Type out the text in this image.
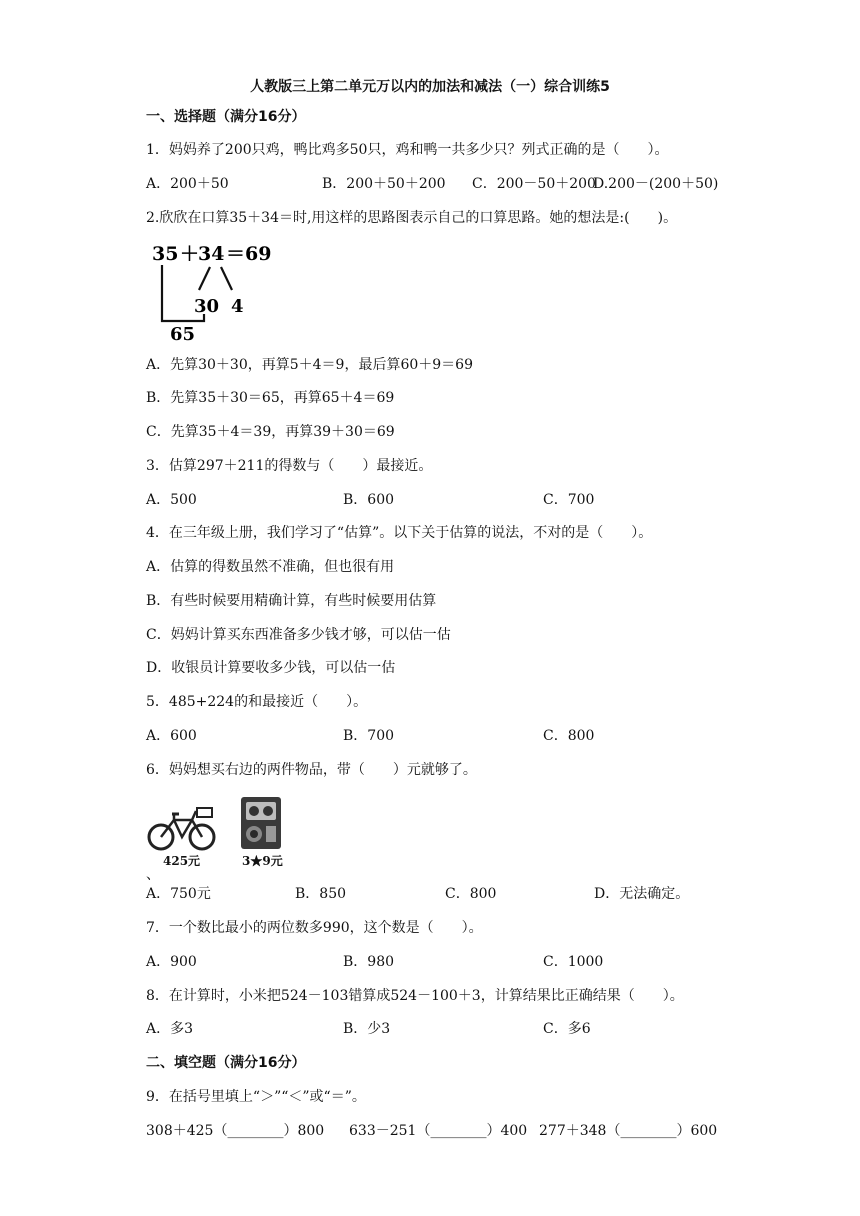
人教版三上第二单元万以内的加法和减法（一）综合训练5
一、选择题（满分16分）
1．妈妈养了200只鸡，鸭比鸡多50只，鸡和鸭一共多少只？列式正确的是（　　）。
A．200＋50	B．200＋50＋200 C．200－50＋200
D.200－(200＋50)
2.欣欣在口算35＋34＝时,用这样的思路图表示自己的口算思路。她的想法是:(　　)。
35 ＋
34 ＝69
30 4
65
A．先算30＋30，再算5＋4＝9，最后算60＋9＝69
B．先算35＋30＝65，再算65＋4＝69
C．先算35＋4＝39，再算39＋30＝69
3．估算297＋211的得数与（　　）最接近。
A．500	B．600	C．700
4．在三年级上册，我们学习了“估算”。以下关于估算的说法，不对的是（　　）。
A．估算的得数虽然不准确，但也很有用
B．有些时候要用精确计算，有些时候要用估算
C．妈妈计算买东西准备多少钱才够，可以估一估
D．收银员计算要收多少钱，可以估一估
5．485+224的和最接近（　　）。
A．600	B．700	C．800
6．妈妈想买右边的两件物品，带（　　）元就够了。
425元	3★9元
、
A．750元	B．850	C．800	D．无法确定。
7．一个数比最小的两位数多990，这个数是（　　）。
A．900	B．980	C．1000
8．在计算时，小米把524－103错算成524－100＋3，计算结果比正确结果（　　）。
A．多3	B．少3	C．多6
二、填空题（满分16分）
9．在括号里填上“＞”“＜”或“＝”。
308＋425（________）800 633－251（________）400 277＋348（________）600
